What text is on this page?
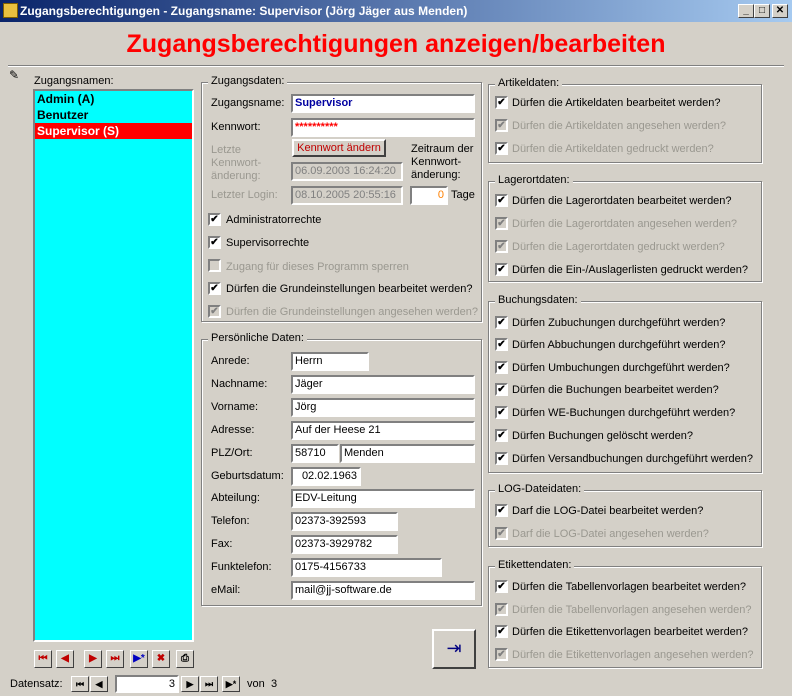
Zugangsberechtigungen - Zugangsname: Supervisor (Jörg Jäger aus Menden)	_	□	✕
Zugangsberechtigungen anzeigen/bearbeiten
✎	Zugangsnamen:
Admin (A)
Benutzer
Supervisor (S)
⏮	◀	▶	⏭	▶*	✖	⎙
Zugangsdaten:
Zugangsname: Supervisor
Kennwort:	**********
Kennwort ändern
Letzte
Kennwort-
änderung:	06.09.2003 16:24:20
Zeitraum der
Kennwort-
änderung:
Letzter Login:	08.10.2005 20:55:16	0 Tage
✔ Administratorrechte
✔ Supervisorrechte
Zugang für dieses Programm sperren
✔ Dürfen die Grundeinstellungen bearbeitet werden?
✔ Dürfen die Grundeinstellungen angesehen werden?
Persönliche Daten:
Anrede:	Herrn
Nachname:	Jäger
Vorname:	Jörg
Adresse:	Auf der Heese 21
PLZ/Ort:	58710	Menden
Geburtsdatum:	02.02.1963
Abteilung:	EDV-Leitung
Telefon:	02373-392593
Fax:	02373-3929782
Funktelefon:	0175-4156733
eMail:	mail@jj-software.de
⇥
Artikeldaten:
✔ Dürfen die Artikeldaten bearbeitet werden?
✔ Dürfen die Artikeldaten angesehen werden?
✔ Dürfen die Artikeldaten gedruckt werden?
Lagerortdaten:
✔ Dürfen die Lagerortdaten bearbeitet werden?
✔ Dürfen die Lagerortdaten angesehen werden?
✔ Dürfen die Lagerortdaten gedruckt werden?
✔ Dürfen die Ein-/Auslagerlisten gedruckt werden?
Buchungsdaten:
✔ Dürfen Zubuchungen durchgeführt werden?
✔ Dürfen Abbuchungen durchgeführt werden?
✔ Dürfen Umbuchungen durchgeführt werden?
✔ Dürfen die Buchungen bearbeitet werden?
✔ Dürfen WE-Buchungen durchgeführt werden?
✔ Dürfen Buchungen gelöscht werden?
✔ Dürfen Versandbuchungen durchgeführt werden?
LOG-Dateidaten:
✔ Darf die LOG-Datei bearbeitet werden?
✔ Darf die LOG-Datei angesehen werden?
Etikettendaten:
✔ Dürfen die Tabellenvorlagen bearbeitet werden?
✔ Dürfen die Tabellenvorlagen angesehen werden?
✔ Dürfen die Etikettenvorlagen bearbeitet werden?
✔ Dürfen die Etikettenvorlagen angesehen werden?
Datensatz:	⏮	◀	3	▶	⏭	▶* von 3
